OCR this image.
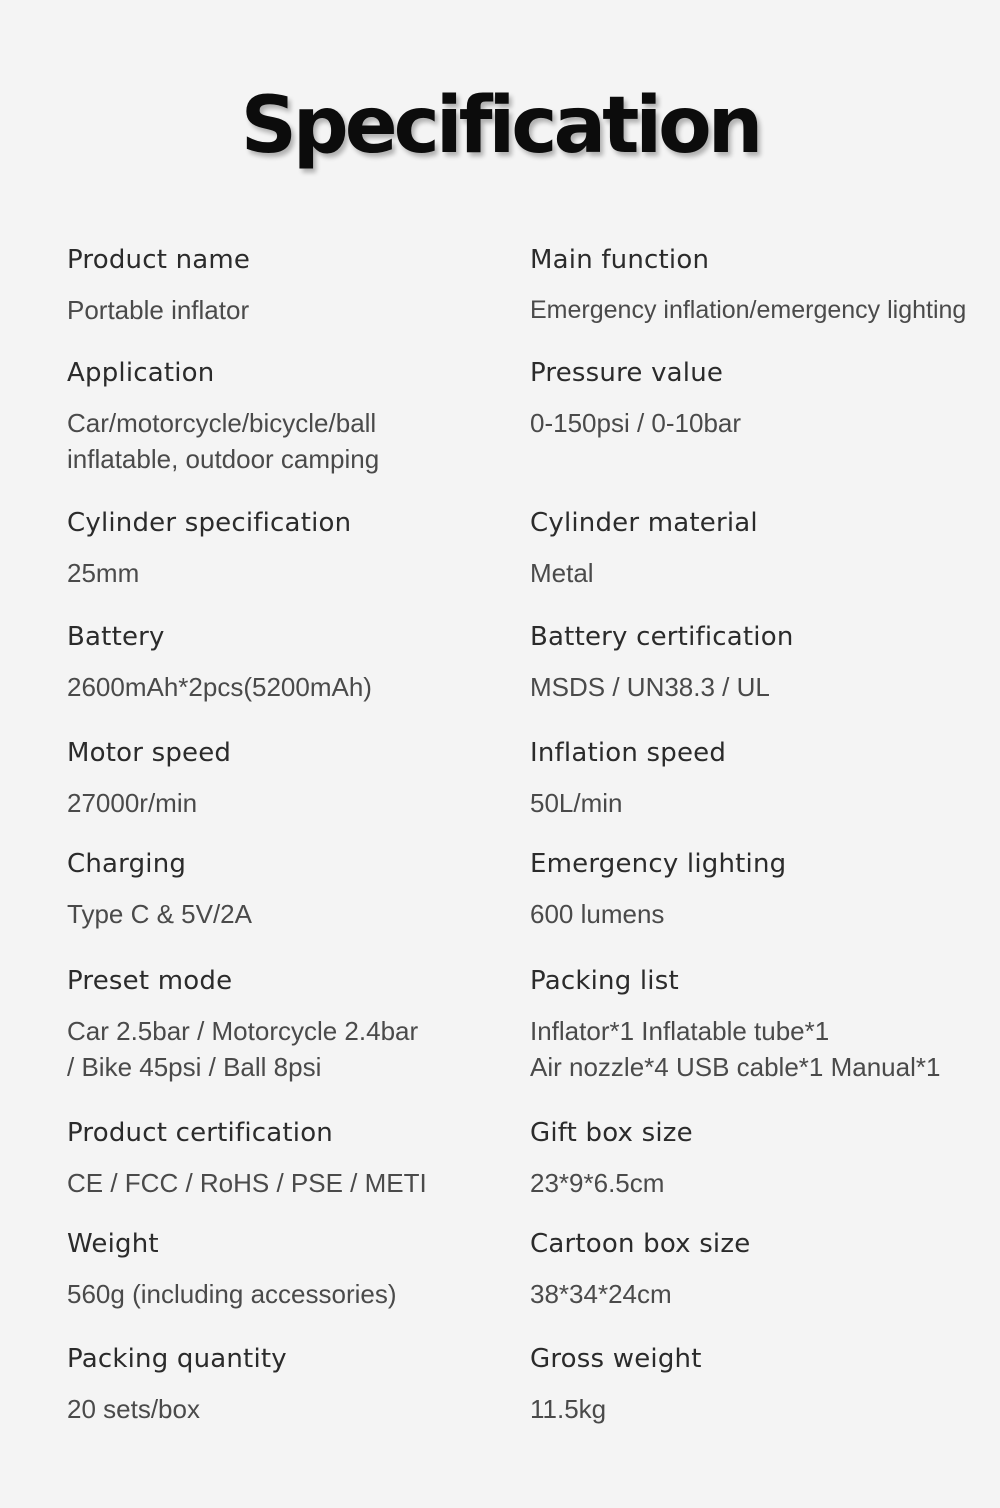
Specification
Product name
Portable inflator
Main function
Emergency inflation/emergency lighting
Application
Car/motorcycle/bicycle/ball
inflatable, outdoor camping
Pressure value
0-150psi / 0-10bar
Cylinder specification
25mm
Cylinder material
Metal
Battery
2600mAh*2pcs(5200mAh)
Battery certification
MSDS / UN38.3 / UL
Motor speed
27000r/min
Inflation speed
50L/min
Charging
Type C & 5V/2A
Emergency lighting
600 lumens
Preset mode
Car 2.5bar / Motorcycle 2.4bar
/ Bike 45psi / Ball 8psi
Packing list
Inflator*1 Inflatable tube*1
Air nozzle*4 USB cable*1 Manual*1
Product certification
CE / FCC / RoHS / PSE / METI
Gift box size
23*9*6.5cm
Weight
560g (including accessories)
Cartoon box size
38*34*24cm
Packing quantity
20 sets/box
Gross weight
11.5kg
